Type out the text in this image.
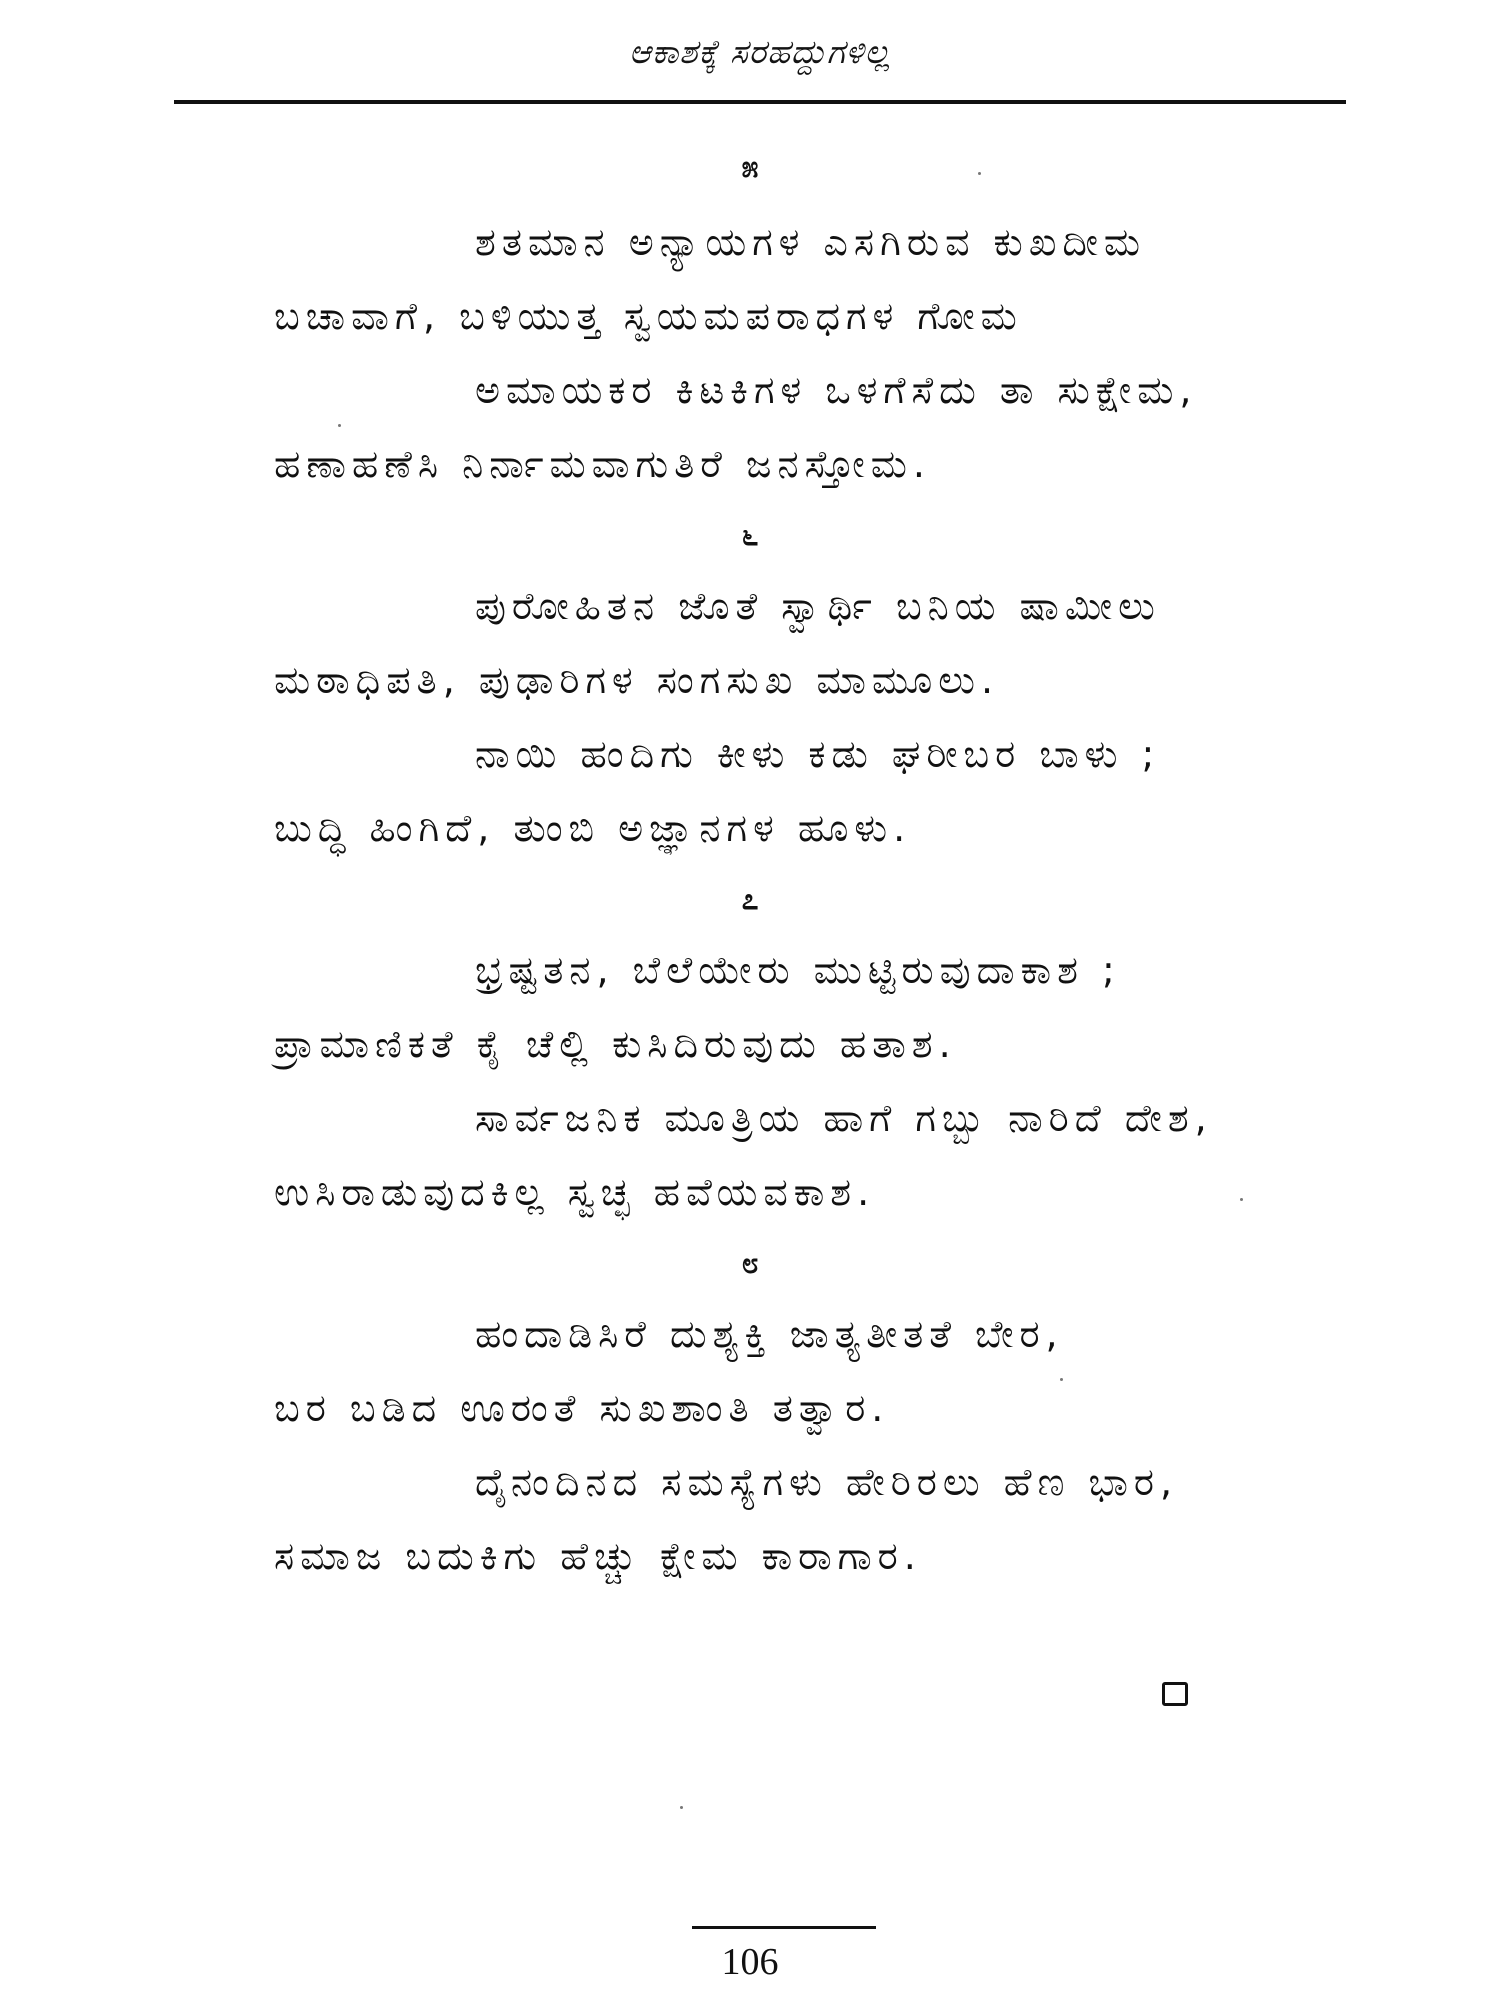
ಆಕಾಶಕ್ಕೆ ಸರಹದ್ದುಗಳಿಲ್ಲ
೫
ಶತಮಾನ ಅನ್ಯಾಯಗಳ ಎಸಗಿರುವ ಕುಖದೀಮ
ಬಚಾವಾಗೆ, ಬಳಿಯುತ್ತ ಸ್ವಯಮಪರಾಧಗಳ ಗೋಮ
ಅಮಾಯಕರ ಕಿಟಕಿಗಳ ಒಳಗೆಸೆದು ತಾ ಸುಕ್ಷೇಮ,
ಹಣಾಹಣೆಸಿ ನಿರ್ನಾಮವಾಗುತಿರೆ ಜನಸ್ತೋಮ.
೬
ಪುರೋಹಿತನ ಜೊತೆ ಸ್ವಾರ್ಥಿ ಬನಿಯ ಷಾಮೀಲು
ಮಠಾಧಿಪತಿ, ಪುಢಾರಿಗಳ ಸಂಗಸುಖ ಮಾಮೂಲು.
ನಾಯಿ ಹಂದಿಗು ಕೀಳು ಕಡು ಘರೀಬರ ಬಾಳು ;
ಬುದ್ಧಿ ಹಿಂಗಿದೆ, ತುಂಬಿ ಅಜ್ಞಾನಗಳ ಹೂಳು.
೭
ಭ್ರಷ್ಟತನ, ಬೆಲೆಯೇರು ಮುಟ್ಟಿರುವುದಾಕಾಶ ;
ಪ್ರಾಮಾಣಿಕತೆ ಕೈ ಚೆಲ್ಲಿ ಕುಸಿದಿರುವುದು ಹತಾಶ.
ಸಾರ್ವಜನಿಕ ಮೂತ್ರಿಯ ಹಾಗೆ ಗಬ್ಬು ನಾರಿದೆ ದೇಶ,
ಉಸಿರಾಡುವುದಕಿಲ್ಲ ಸ್ವಚ್ಛ ಹವೆಯವಕಾಶ.
೮
ಹಂದಾಡಿಸಿರೆ ದುಶ್ಯಕ್ತಿ ಜಾತ್ಯತೀತತೆ ಬೇರ,
ಬರ ಬಡಿದ ಊರಂತೆ ಸುಖಶಾಂತಿ ತತ್ವಾರ.
ದೈನಂದಿನದ ಸಮಸ್ಯೆಗಳು ಹೇರಿರಲು ಹೆಣ ಭಾರ,
ಸಮಾಜ ಬದುಕಿಗು ಹೆಚ್ಚು ಕ್ಷೇಮ ಕಾರಾಗಾರ.
106
